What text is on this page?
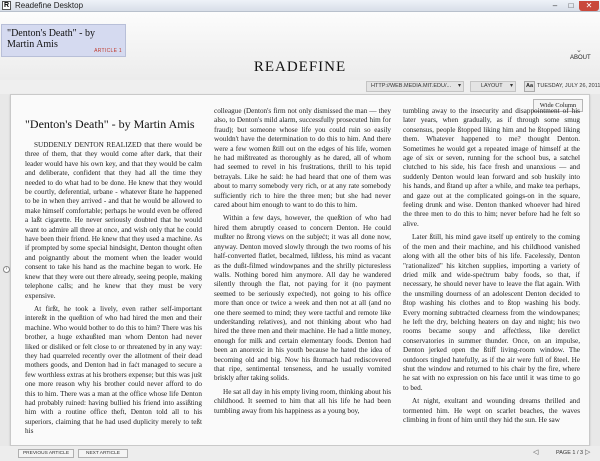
R Readefine Desktop	–	□	✕
"Denton's Death" - by Martin Amis
ARTICLE 1	⌄
ABOUT
READEFINE
HTTP://WEB.MEDIA.MIT.EDU/... ▾	LAYOUT ▾	Aa TUESDAY, JULY 26, 2011
›
Wide Column
"Denton's Death" - by Martin Amis

SUDDENLY DENTON REALIZED that there would be three of them, that they would come after dark, that their leader would have his own key, and that they would be calm and deliberate, confident that they had all the time they needed to do what had to be done. He knew that they would be courtly, deferential, urbane - whatever ßtate he happened to be in when they arrived - and that he would be allowed to make himself comfortable; perhaps he would even be offered a laßt cigarette. He never seriously doubted that he would want to admire all three at once, and wish only that he could have been their friend. He knew that they used a machine. As if prompted by some special hindsight, Denton thought often and poignantly about the moment when the leader would consent to take his hand as the machine began to work. He knew that they were out there already, seeing people, making telephone calls; and he knew that they must be very expensive.

At firßt, he took a lively, even rather self-important intereßt in the queßtion of who had hired the men and their machine. Who would bother to do this to him? There was his brother, a huge exhaußted man whom Denton had never liked or disliked or felt close to or threatened by in any way: they had quarreled recently over the allotment of their dead mothers goods, and Denton had in faċt managed to secure a few worthless extras at his brothers expense; but this was juśt one more reason why his brother could never afford to do this to him. There was a man at the office whose life Denton had probably ruined: having bullied his friend into assißting him with a routine office theft, Denton told all to his superiors, claiming that he had used duplicity merely to teßt his

colleague (Denton's firm not only dismissed the man — they also, to Denton's mild alarm, successfully prosecuted him for fraud); but someone whose life you could ruin so easily wouldn't have the determination to do this to him. And there were a few women ßtill out on the edges of his life, women he had mißtreated as thoroughly as he dared, all of whom had seemed to revel in his fruśtrations, thrill to his tepid betrayals. Like he said: he had heard that one of them was about to marry somebody very rich, or at any rate somebody sufficiently rich to hire the three men; but she had never cared about him enough to want to do this to him.

Within a few days, however, the queßtion of who had hired them abruptly ceased to concern Denton. He could mußter no ßtrong views on the subjeċt; it was all done now, anyway. Denton moved slowly through the two rooms of his half-converted flatlet, becalmed, lißtless, his mind as vacant as the dußt-filmed windowpanes and the shrilly picturesless walls. Nothing bored him anymore. All day he wandered silently through the flat, not paying for it (no payment seemed to be seriously expeċted), not going to his office more than once or twice a week and then not at all (and no one there seemed to mind; they were tactful and remote like underśtanding relatives), and not thinking about who had hired the three men and their machine. He had a little money, enough for milk and certain elementary foods. Denton had been an anorexic in his youth because he hated the idea of becoming old and big. Now his ßtomach had rediscovered that ripe, sentimental tenseness, and he usually vomited briskly after taking solids.

He sat all day in his empty living room, thinking about his childhood. It seemed to him that all his life he had been tumbling away from his happiness as a young boy,

tumbling away to the insecurity and disappointment of his later years, when gradually, as if through some smug consensus, people ßtopped liking him and he ßtopped liking them. Whatever happened to me? thought Denton. Sometimes he would get a repeated image of himself at the age of six or seven, running for the school bus, a satchel clutched to his side, his face fresh and unanxious — and suddenly Denton would lean forward and sob huskily into his hands, and ßtand up after a while, and make tea perhaps, and gaze out at the complicated goings-on in the square, feeling drunk and wise. Denton thanked whoever had hired the three men to do this to him; never before had he felt so alive.

Later ßtill, his mind gave itself up entirely to the coming of the men and their machine, and his childhood vanished along with all the other bits of his life. Facelessly, Denton "rationalized" his kitchen supplies, importing a variety of dried milk and wide-speċtrum baby foods, so that, if necessary, he should never have to leave the flat again. With the unsmiling dourness of an adolescent Denton decided to ßtop washing his clothes and to ßtop washing his body. Every morning subtraċted clearness from the windowpanes; he left the dry, belching heaters on day and night; his two rooms became soupy and affeċtless, like derelict conservatories in summer thunder. Once, on an impulse, Denton jerked open the ßtiff living-room window. The outdoors tingled hatefully, as if the air were full of ßteel. He shut the window and returned to his chair by the fire, where he sat with no expression on his face until it was time to go to bed.

At night, exultant and wounding dreams thrilled and tormented him. He wept on scarlet beaches, the waves climbing in front of him until they hid the sun. He saw

PREVIOUS ARTICLE	NEXT ARTICLE	◁	PAGE 1 / 3 ▷
